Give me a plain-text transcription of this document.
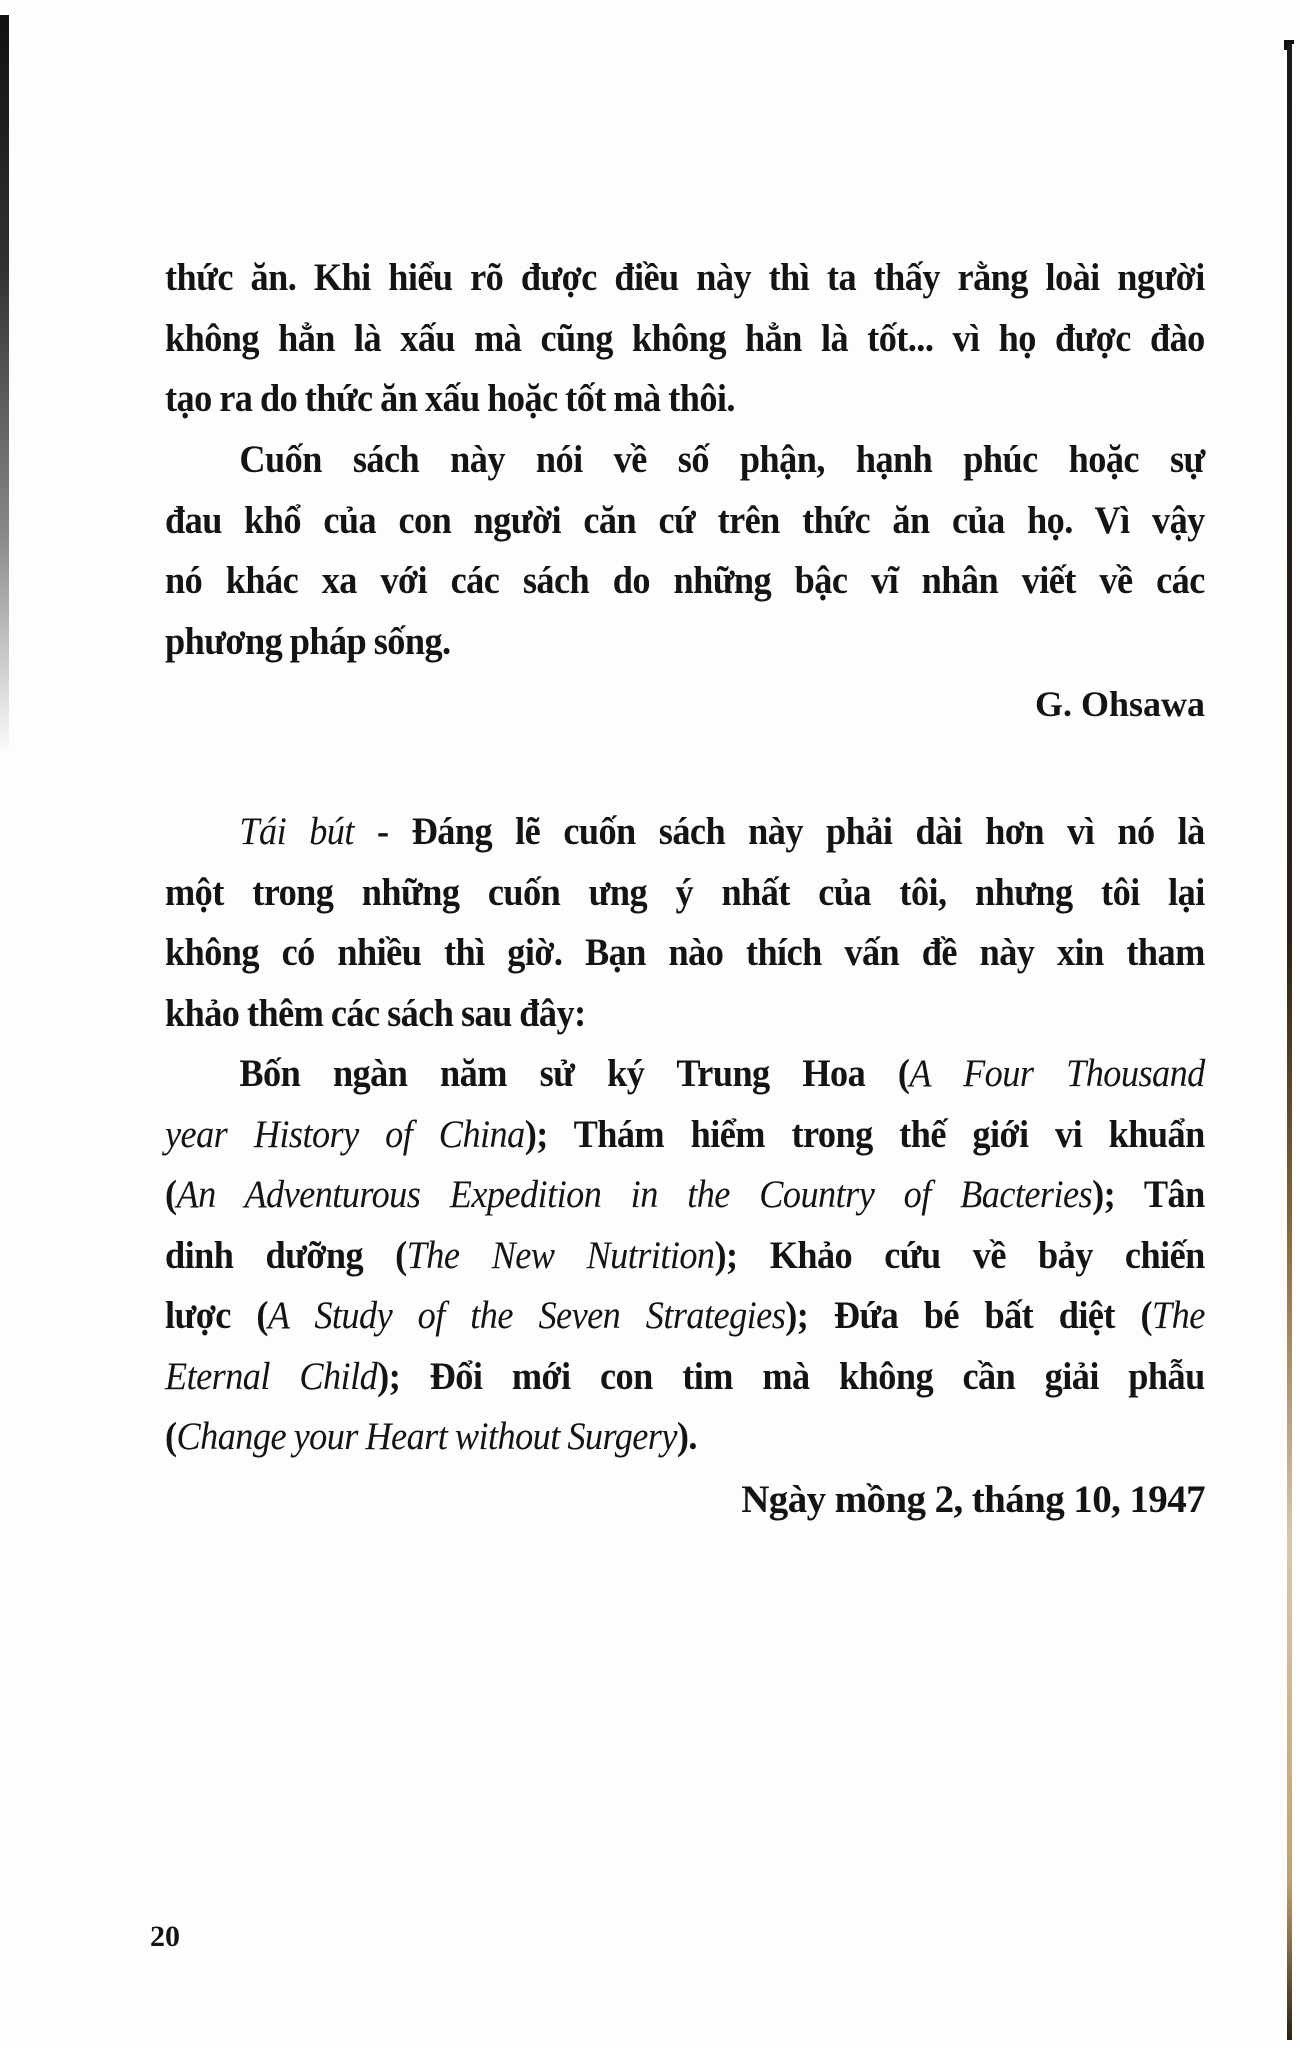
thức ăn. Khi hiểu rõ được điều này thì ta thấy rằng loài người
không hẳn là xấu mà cũng không hẳn là tốt... vì họ được đào
tạo ra do thức ăn xấu hoặc tốt mà thôi.
Cuốn sách này nói về số phận, hạnh phúc hoặc sự
đau khổ của con người căn cứ trên thức ăn của họ. Vì vậy
nó khác xa với các sách do những bậc vĩ nhân viết về các
phương pháp sống.
G. Ohsawa
Tái bút - Đáng lẽ cuốn sách này phải dài hơn vì nó là
một trong những cuốn ưng ý nhất của tôi, nhưng tôi lại
không có nhiều thì giờ. Bạn nào thích vấn đề này xin tham
khảo thêm các sách sau đây:
Bốn ngàn năm sử ký Trung Hoa (A Four Thousand
year History of China); Thám hiểm trong thế giới vi khuẩn
(An Adventurous Expedition in the Country of Bacteries); Tân
dinh dưỡng (The New Nutrition); Khảo cứu về bảy chiến
lược (A Study of the Seven Strategies); Đứa bé bất diệt (The
Eternal Child); Đổi mới con tim mà không cần giải phẫu
(Change your Heart without Surgery).
Ngày mồng 2, tháng 10, 1947
20
